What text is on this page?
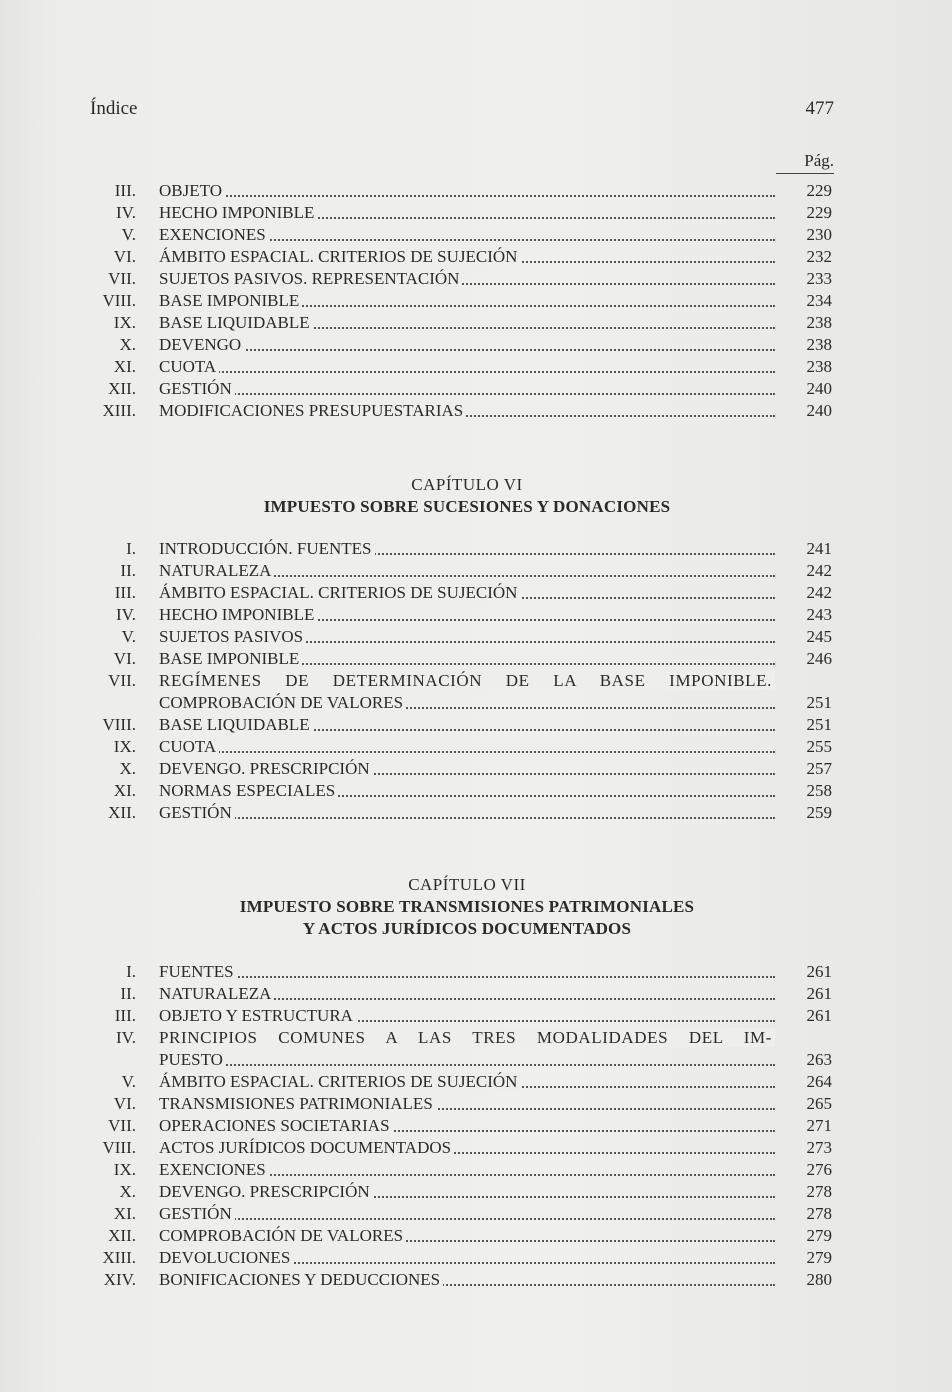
Índice	477
Pág.
CAPÍTULO VI
IMPUESTO SOBRE SUCESIONES Y DONACIONES
CAPÍTULO VII
IMPUESTO SOBRE TRANSMISIONES PATRIMONIALES
Y ACTOS JURÍDICOS DOCUMENTADOS
III. OBJETO	229
IV. HECHO IMPONIBLE	229
V. EXENCIONES	230
VI. ÁMBITO ESPACIAL. CRITERIOS DE SUJECIÓN	232
VII. SUJETOS PASIVOS. REPRESENTACIÓN	233
VIII. BASE IMPONIBLE	234
IX. BASE LIQUIDABLE	238
X. DEVENGO	238
XI. CUOTA	238
XII. GESTIÓN	240
XIII. MODIFICACIONES PRESUPUESTARIAS	240
I. INTRODUCCIÓN. FUENTES	241
II. NATURALEZA	242
III. ÁMBITO ESPACIAL. CRITERIOS DE SUJECIÓN	242
IV. HECHO IMPONIBLE	243
V. SUJETOS PASIVOS	245
VI. BASE IMPONIBLE	246
VII. REGÍMENES DE DETERMINACIÓN DE LA BASE IMPONIBLE.
COMPROBACIÓN DE VALORES	251
VIII. BASE LIQUIDABLE	251
IX. CUOTA	255
X. DEVENGO. PRESCRIPCIÓN	257
XI. NORMAS ESPECIALES	258
XII. GESTIÓN	259
I. FUENTES	261
II. NATURALEZA	261
III. OBJETO Y ESTRUCTURA	261
IV. PRINCIPIOS COMUNES A LAS TRES MODALIDADES DEL IM-
PUESTO	263
V. ÁMBITO ESPACIAL. CRITERIOS DE SUJECIÓN	264
VI. TRANSMISIONES PATRIMONIALES	265
VII. OPERACIONES SOCIETARIAS	271
VIII. ACTOS JURÍDICOS DOCUMENTADOS	273
IX. EXENCIONES	276
X. DEVENGO. PRESCRIPCIÓN	278
XI. GESTIÓN	278
XII. COMPROBACIÓN DE VALORES	279
XIII. DEVOLUCIONES	279
XIV. BONIFICACIONES Y DEDUCCIONES	280
